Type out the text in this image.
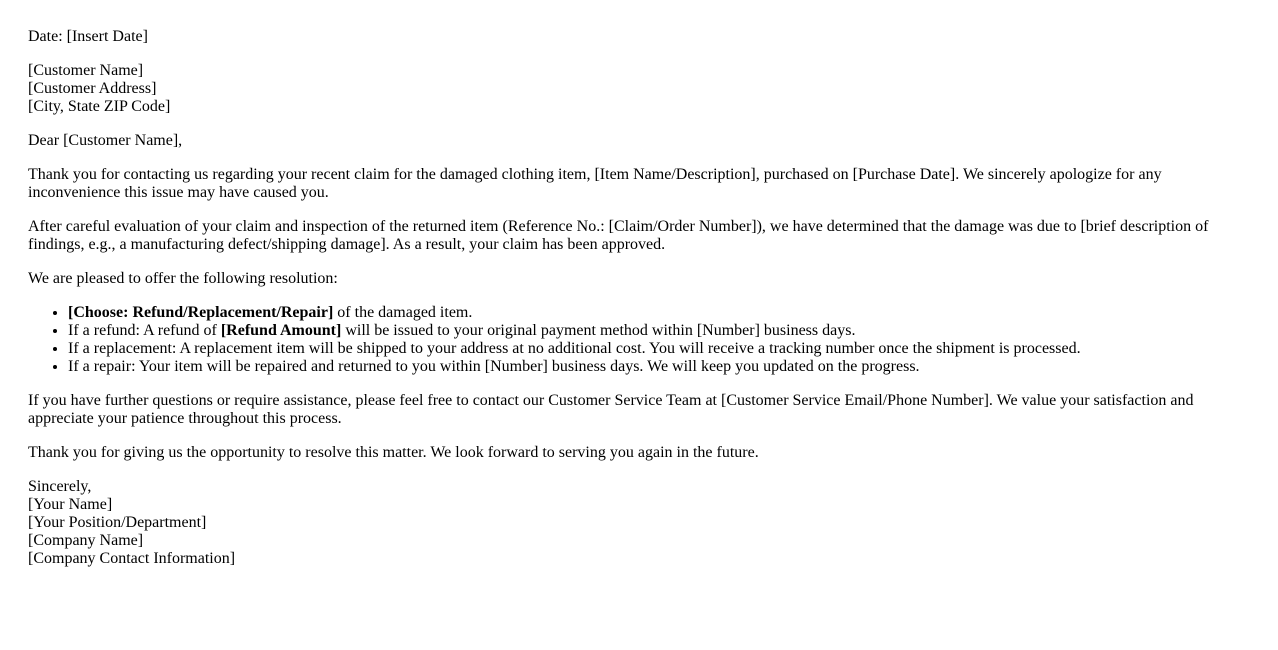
Date: [Insert Date]

[Customer Name]
[Customer Address]
[City, State ZIP Code]

Dear [Customer Name],

Thank you for contacting us regarding your recent claim for the damaged clothing item, [Item Name/Description], purchased on [Purchase Date]. We sincerely apologize for any inconvenience this issue may have caused you.

After careful evaluation of your claim and inspection of the returned item (Reference No.: [Claim/Order Number]), we have determined that the damage was due to [brief description of findings, e.g., a manufacturing defect/shipping damage]. As a result, your claim has been approved.

We are pleased to offer the following resolution:

• [Choose: Refund/Replacement/Repair] of the damaged item.
• If a refund: A refund of [Refund Amount] will be issued to your original payment method within [Number] business days.
• If a replacement: A replacement item will be shipped to your address at no additional cost. You will receive a tracking number once the shipment is processed.
• If a repair: Your item will be repaired and returned to you within [Number] business days. We will keep you updated on the progress.

If you have further questions or require assistance, please feel free to contact our Customer Service Team at [Customer Service Email/Phone Number]. We value your satisfaction and appreciate your patience throughout this process.

Thank you for giving us the opportunity to resolve this matter. We look forward to serving you again in the future.

Sincerely,
[Your Name]
[Your Position/Department]
[Company Name]
[Company Contact Information]
